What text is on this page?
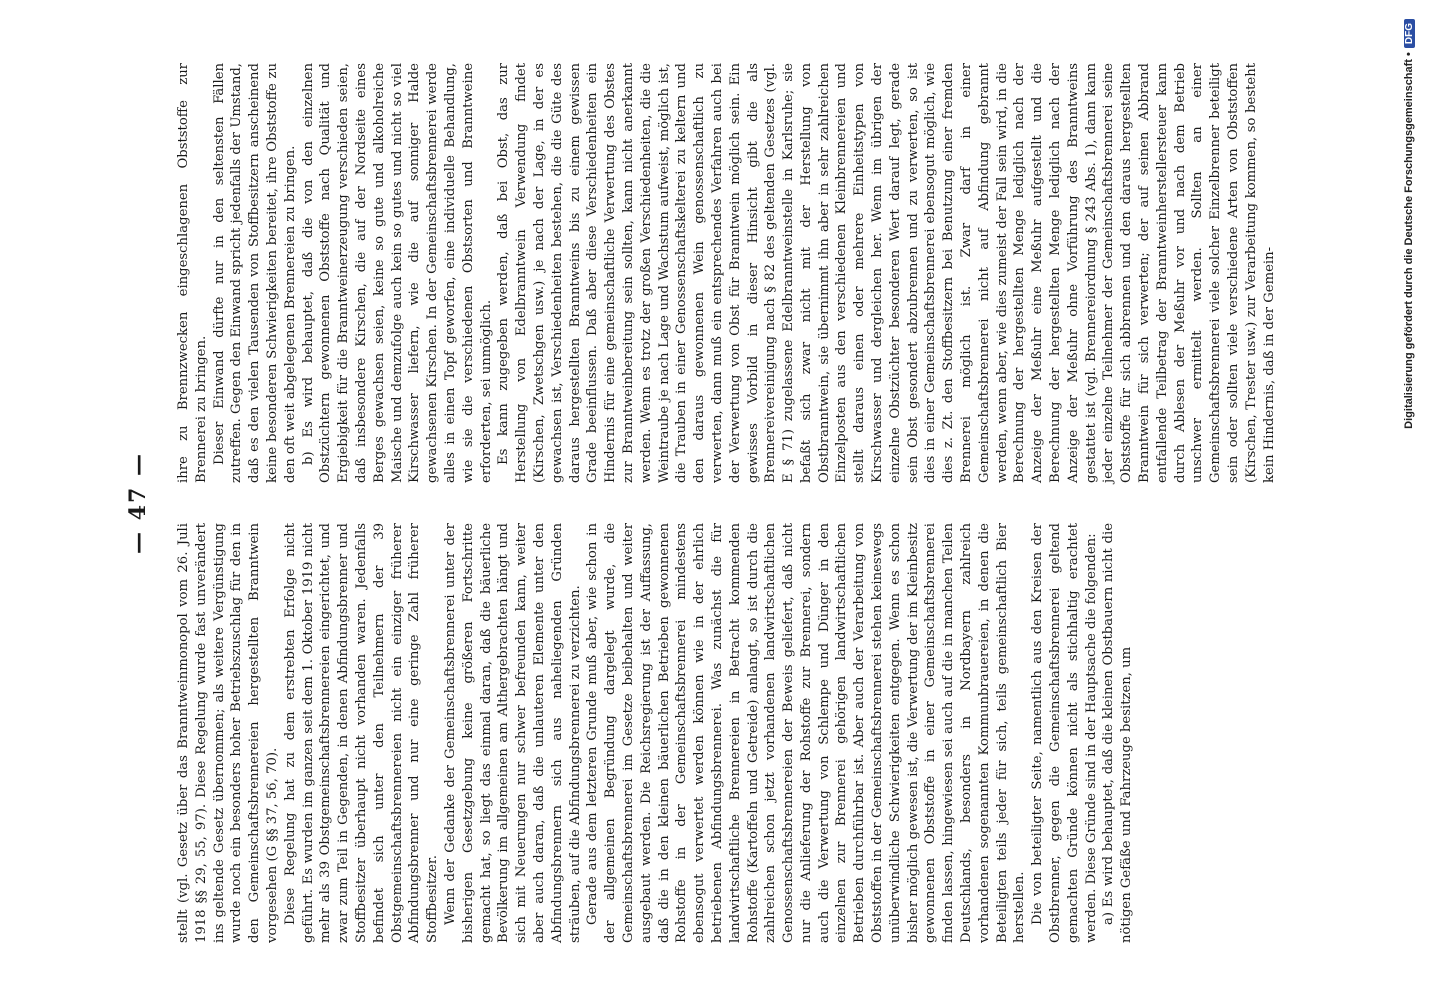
— 47 —

stellt (vgl. Gesetz über das Branntweinmonopol vom 26. Juli 1918 §§ 29, 55, 97). Diese Regelung wurde fast unverändert ins geltende Gesetz übernommen; als weitere Vergünstigung wurde noch ein besonders hoher Betriebszuschlag für den in den Gemeinschaftsbrennereien hergestellten Branntwein vorgesehen (G §§ 37, 56, 70). Diese Regelung hat zu dem erstrebten Erfolge nicht geführt. Es wurden im ganzen seit dem 1. Oktober 1919 nicht mehr als 39 Obstgemeinschaftsbrennereien eingerichtet, und zwar zum Teil in Gegenden, in denen Abfindungsbrenner und Stoffbesitzer überhaupt nicht vorhanden waren. Jedenfalls befindet sich unter den Teilnehmern der 39 Obstgemeinschaftsbrennereien nicht ein einziger früherer Abfindungsbrenner und nur eine geringe Zahl früherer Stoffbesitzer. Wenn der Gedanke der Gemeinschaftsbrennerei unter der bisherigen Gesetzgebung keine größeren Fortschritte gemacht hat, so liegt das einmal daran, daß die bäuerliche Bevölkerung im allgemeinen am Althergebrachten hängt und sich mit Neuerungen nur schwer befreunden kann, weiter aber auch daran, daß die unlauteren Elemente unter den Abfindungsbrennern sich aus naheliegenden Gründen sträuben, auf die Abfindungsbrennerei zu verzichten. Gerade aus dem letzteren Grunde muß aber, wie schon in der allgemeinen Begründung dargelegt wurde, die Gemeinschaftsbrennerei im Gesetze beibehalten und weiter ausgebaut werden. Die Reichsregierung ist der Auffassung, daß die in den kleinen bäuerlichen Betrieben gewonnenen Rohstoffe in der Gemeinschaftsbrennerei mindestens ebensogut verwertet werden können wie in der ehrlich betriebenen Abfindungsbrennerei. Was zunächst die für landwirtschaftliche Brennereien in Betracht kommenden Rohstoffe (Kartoffeln und Getreide) anlangt, so ist durch die zahlreichen schon jetzt vorhandenen landwirtschaftlichen Genossenschaftsbrennereien der Beweis geliefert, daß nicht nur die Anlieferung der Rohstoffe zur Brennerei, sondern auch die Verwertung von Schlempe und Dünger in den einzelnen zur Brennerei gehörigen landwirtschaftlichen Betrieben durchführbar ist. Aber auch der Verarbeitung von Obststoffen in der Gemeinschaftsbrennerei stehen keineswegs unüberwindliche Schwierigkeiten entgegen. Wenn es schon bisher möglich gewesen ist, die Verwertung der im Kleinbesitz gewonnenen Obststoffe in einer Gemeinschaftsbrennerei finden lassen, hingewiesen sei auch auf die in manchen Teilen Deutschlands, besonders in Nordbayern zahlreich vorhandenen sogenannten Kommunbrauereien, in denen die Beteiligten teils jeder für sich, teils gemeinschaftlich Bier herstellen. Die von beteiligter Seite, namentlich aus den Kreisen der Obstbrenner, gegen die Gemeinschaftsbrennerei geltend gemachten Gründe können nicht als stichhaltig erachtet werden. Diese Gründe sind in der Hauptsache die folgenden: a) Es wird behauptet, daß die kleinen Obstbauern nicht die nötigen Gefäße und Fahrzeuge besitzen, um

ihre zu Brennzwecken eingeschlagenen Obststoffe zur Brennerei zu bringen. Dieser Einwand dürfte nur in den seltensten Fällen zutreffen. Gegen den Einwand spricht jedenfalls der Umstand, daß es den vielen Tausenden von Stoffbesitzern anscheinend keine besonderen Schwierigkeiten bereitet, ihre Obststoffe zu den oft weit abgelegenen Brennereien zu bringen. b) Es wird behauptet, daß die von den einzelnen Obstzüchtern gewonnenen Obststoffe nach Qualität und Ergiebigkeit für die Branntweinerzeugung verschieden seien, daß insbesondere Kirschen, die auf der Nordseite eines Berges gewachsen seien, keine so gute und alkoholreiche Maische und demzufolge auch kein so gutes und nicht so viel Kirschwasser liefern, wie die auf sonniger Halde gewachsenen Kirschen. In der Gemeinschaftsbrennerei werde alles in einen Topf geworfen, eine individuelle Behandlung, wie sie die verschiedenen Obstsorten und Branntweine erforderten, sei unmöglich. Es kann zugegeben werden, daß bei Obst, das zur Herstellung von Edelbranntwein Verwendung findet (Kirschen, Zwetschgen usw.) je nach der Lage, in der es gewachsen ist, Verschiedenheiten bestehen, die die Güte des daraus hergestellten Branntweins bis zu einem gewissen Grade beeinflussen. Daß aber diese Verschiedenheiten ein Hindernis für eine gemeinschaftliche Verwertung des Obstes zur Branntweinbereitung sein sollten, kann nicht anerkannt werden. Wenn es trotz der großen Verschiedenheiten, die die Weintraube je nach Lage und Wachstum aufweist, möglich ist, die Trauben in einer Genossenschaftskelterei zu keltern und den daraus gewonnenen Wein genossenschaftlich zu verwerten, dann muß ein entsprechendes Verfahren auch bei der Verwertung von Obst für Branntwein möglich sein. Ein gewisses Vorbild in dieser Hinsicht gibt die als Brennereivereinigung nach § 82 des geltenden Gesetzes (vgl. E § 71) zugelassene Edelbranntweinstelle in Karlsruhe; sie befaßt sich zwar nicht mit der Herstellung von Obstbranntwein, sie übernimmt ihn aber in sehr zahlreichen Einzelposten aus den verschiedenen Kleinbrennereien und stellt daraus einen oder mehrere Einheitstypen von Kirschwasser und dergleichen her. Wenn im übrigen der einzelne Obstzüchter besonderen Wert darauf legt, gerade sein Obst gesondert abzubrennen und zu verwerten, so ist dies in einer Gemeinschaftsbrennerei ebensogut möglich, wie dies z. Zt. den Stoffbesitzern bei Benutzung einer fremden Brennerei möglich ist. Zwar darf in einer Gemeinschaftsbrennerei nicht auf Abfindung gebrannt werden, wenn aber, wie dies zumeist der Fall sein wird, in die Berechnung der hergestellten Menge lediglich nach der Anzeige der Meßuhr eine Meßuhr aufgestellt und die Berechnung der hergestellten Menge lediglich nach der Anzeige der Meßuhr ohne Vorführung des Branntweins gestattet ist (vgl. Brennereiordnung § 243 Abs. 1), dann kann jeder einzelne Teilnehmer der Gemeinschaftsbrennerei seine Obststoffe für sich abbrennen und den daraus hergestellten Branntwein für sich verwerten; der auf seinen Abbrand entfallende Teilbetrag der Branntweinherstellersteuer kann durch Ablesen der Meßuhr vor und nach dem Betrieb unschwer ermittelt werden. Sollten an einer Gemeinschaftsbrennerei viele solcher Einzelbrenner beteiligt sein oder sollten viele verschiedene Arten von Obststoffen (Kirschen, Trester usw.) zur Verarbeitung kommen, so besteht kein Hindernis, daß in der Gemein-	Digitalisierung gefördert durch die Deutsche Forschungsgemeinschaft •DFG
